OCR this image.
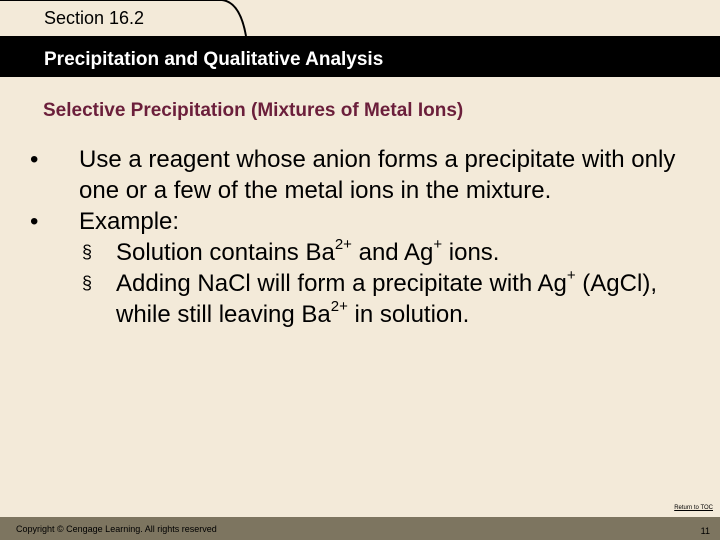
Section 16.2
Precipitation and Qualitative Analysis
Selective Precipitation (Mixtures of Metal Ions)

• Use a reagent whose anion forms a precipitate with only one or a few of the metal ions in the mixture.

• Example:

§ Solution contains $Ba^{2+}$ and Ag+ ions.

§ Adding NaCl will form a precipitate with Ag+ (AgCl), while still leaving $Ba^{2+}$ in solution.

Return to TOC
Copyright © Cengage Learning. All rights reserved	11
